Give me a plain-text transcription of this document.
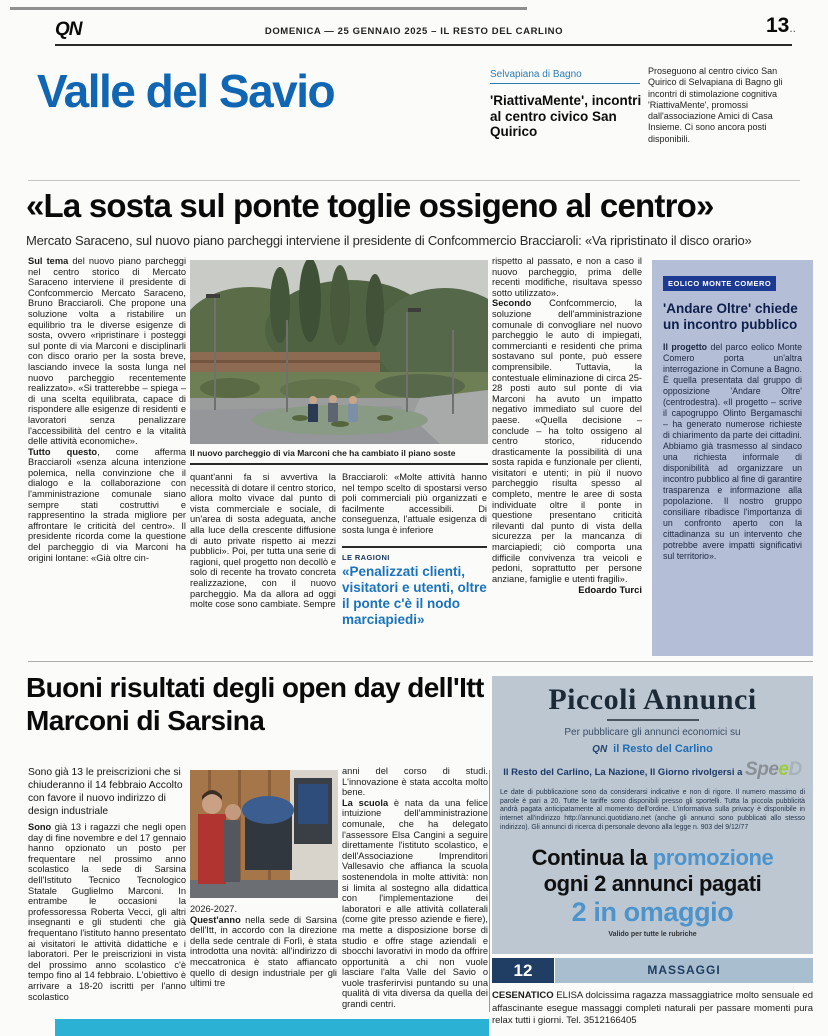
QN	DOMENICA — 25 GENNAIO 2025 – IL RESTO DEL CARLINO	13..
Valle del Savio	Selvapiana di Bagno
'RiattivaMente', incontri al centro civico San Quirico
Proseguono al centro civico San Quirico di Selvapiana di Bagno gli incontri di stimolazione cognitiva 'RiattivaMente', promossi dall'associazione Amici di Casa Insieme. Ci sono ancora posti disponibili.
«La sosta sul ponte toglie ossigeno al centro»
Mercato Saraceno, sul nuovo piano parcheggi interviene il presidente di Confcommercio Bracciaroli: «Va ripristinato il disco orario»
Sul tema del nuovo piano parcheggi nel centro storico di Mercato Saraceno interviene il presidente di Confcommercio Mercato Saraceno, Bruno Bracciaroli. Che propone una soluzione volta a ristabilire un equilibrio tra le diverse esigenze di sosta, ovvero «ripristinare i posteggi sul ponte di via Marconi e disciplinarli con disco orario per la sosta breve, lasciando invece la sosta lunga nel nuovo parcheggio recentemente realizzato». «Si tratterebbe – spiega – di una scelta equilibrata, capace di rispondere alle esigenze di residenti e lavoratori senza penalizzare l'accessibilità del centro e la vitalità delle attività economiche».
Tutto questo, come afferma Bracciaroli «senza alcuna intenzione polemica, nella convinzione che il dialogo e la collaborazione con l'amministrazione comunale siano sempre stati costruttivi e rappresentino la strada migliore per affrontare le criticità del centro». Il presidente ricorda come la questione del parcheggio di via Marconi ha origini lontane: «Già oltre cin-
Il nuovo parcheggio di via Marconi che ha cambiato il piano soste
quant'anni fa si avvertiva la necessità di dotare il centro storico, allora molto vivace dal punto di vista commerciale e sociale, di un'area di sosta adeguata, anche alla luce della crescente diffusione di auto private rispetto ai mezzi pubblici». Poi, per tutta una serie di ragioni, quel progetto non decollò e solo di recente ha trovato concreta realizzazione, con il nuovo parcheggio. Ma da allora ad oggi molte cose sono cambiate. Sempre
Bracciaroli: «Molte attività hanno nel tempo scelto di spostarsi verso poli commerciali più organizzati e facilmente accessibili. Di conseguenza, l'attuale esigenza di sosta lunga è inferiore
LE RAGIONI
«Penalizzati clienti, visitatori e utenti, oltre il ponte c'è il nodo marciapiedi»
rispetto al passato, e non a caso il nuovo parcheggio, prima delle recenti modifiche, risultava spesso sotto utilizzato».
Secondo Confcommercio, la soluzione dell'amministrazione comunale di convogliare nel nuovo parcheggio le auto di impiegati, commercianti e residenti che prima sostavano sul ponte, può essere comprensibile. Tuttavia, la contestuale eliminazione di circa 25-28 posti auto sul ponte di via Marconi ha avuto un impatto negativo immediato sul cuore del paese. «Quella decisione – conclude – ha tolto ossigeno al centro storico, riducendo drasticamente la possibilità di una sosta rapida e funzionale per clienti, visitatori e utenti; in più il nuovo parcheggio risulta spesso al completo, mentre le aree di sosta individuate oltre il ponte in questione presentano criticità rilevanti dal punto di vista della sicurezza per la mancanza di marciapiedi; ciò comporta una difficile convivenza tra veicoli e pedoni, soprattutto per persone anziane, famiglie e utenti fragili».
Edoardo Turci
EOLICO MONTE COMERO
'Andare Oltre' chiede un incontro pubblico
Il progetto del parco eolico Monte Comero porta un'altra interrogazione in Comune a Bagno. È quella presentata dal gruppo di opposizione 'Andare Oltre' (centrodestra). «Il progetto – scrive il capogruppo Olinto Bergamaschi – ha generato numerose richieste di chiarimento da parte dei cittadini. Abbiamo già trasmesso al sindaco una richiesta informale di disponibilità ad organizzare un incontro pubblico al fine di garantire trasparenza e informazione alla popolazione. Il nostro gruppo consiliare ribadisce l'importanza di un confronto aperto con la cittadinanza su un intervento che potrebbe avere impatti significativi sul territorio».
Buoni risultati degli open day dell'Itt Marconi di Sarsina
Sono già 13 le preiscrizioni che si chiuderanno il 14 febbraio Accolto con favore il nuovo indirizzo di design industriale
Sono già 13 i ragazzi che negli open day di fine novembre e del 17 gennaio hanno opzionato un posto per frequentare nel prossimo anno scolastico la sede di Sarsina dell'Istituto Tecnico Tecnologico Statale Guglielmo Marconi. In entrambe le occasioni la professoressa Roberta Vecci, gli altri insegnanti e gli studenti che già frequentano l'istituto hanno presentato ai visitatori le attività didattiche e i laboratori. Per le preiscrizioni in vista del prossimo anno scolastico c'è tempo fino al 14 febbraio. L'obiettivo è arrivare a 18-20 iscritti per l'anno scolastico
2026-2027.
Quest'anno nella sede di Sarsina dell'Itt, in accordo con la direzione della sede centrale di Forlì, è stata introdotta una novità: all'indirizzo di meccatronica è stato affiancato quello di design industriale per gli ultimi tre
anni del corso di studi. L'innovazione è stata accolta molto bene.
La scuola è nata da una felice intuizione dell'amministrazione comunale, che ha delegato l'assessore Elsa Cangini a seguire direttamente l'istituto scolastico, e dell'Associazione Imprenditori Vallesavio che affianca la scuola sostenendola in molte attività: non si limita al sostegno alla didattica con l'implementazione dei laboratori e alle attività collaterali (come gite presso aziende e fiere), ma mette a disposizione borse di studio e offre stage aziendali e sbocchi lavorativi in modo da offrire opportunità a chi non vuole lasciare l'alta Valle del Savio o vuole trasferirvisi puntando su una qualità di vita diversa da quella dei grandi centri.
Piccoli Annunci
Per pubblicare gli annunci economici su
QN il Resto del Carlino
Il Resto del Carlino, La Nazione, Il Giorno rivolgersi a SpeeD
Le date di pubblicazione sono da considerarsi indicative e non di rigore. Il numero massimo di parole è pari a 20. Tutte le tariffe sono disponibili presso gli sportelli. Tutta la piccola pubblicità andrà pagata anticipatamente al momento dell'ordine. L'informativa sulla privacy è disponibile in internet all'indirizzo http://annunci.quotidiano.net (anche gli annunci sono pubblicati allo stesso indirizzo). Gli annunci di ricerca di personale devono alla legge n. 903 del 9/12/77
Continua la promozione
ogni 2 annunci pagati
2 in omaggio
Valido per tutte le rubriche
12	MASSAGGI
CESENATICO ELISA dolcissima ragazza massaggiatrice molto sensuale ed affascinante esegue massaggi completi naturali per passare momenti pura relax tutti i giorni. Tel. 3512166405
